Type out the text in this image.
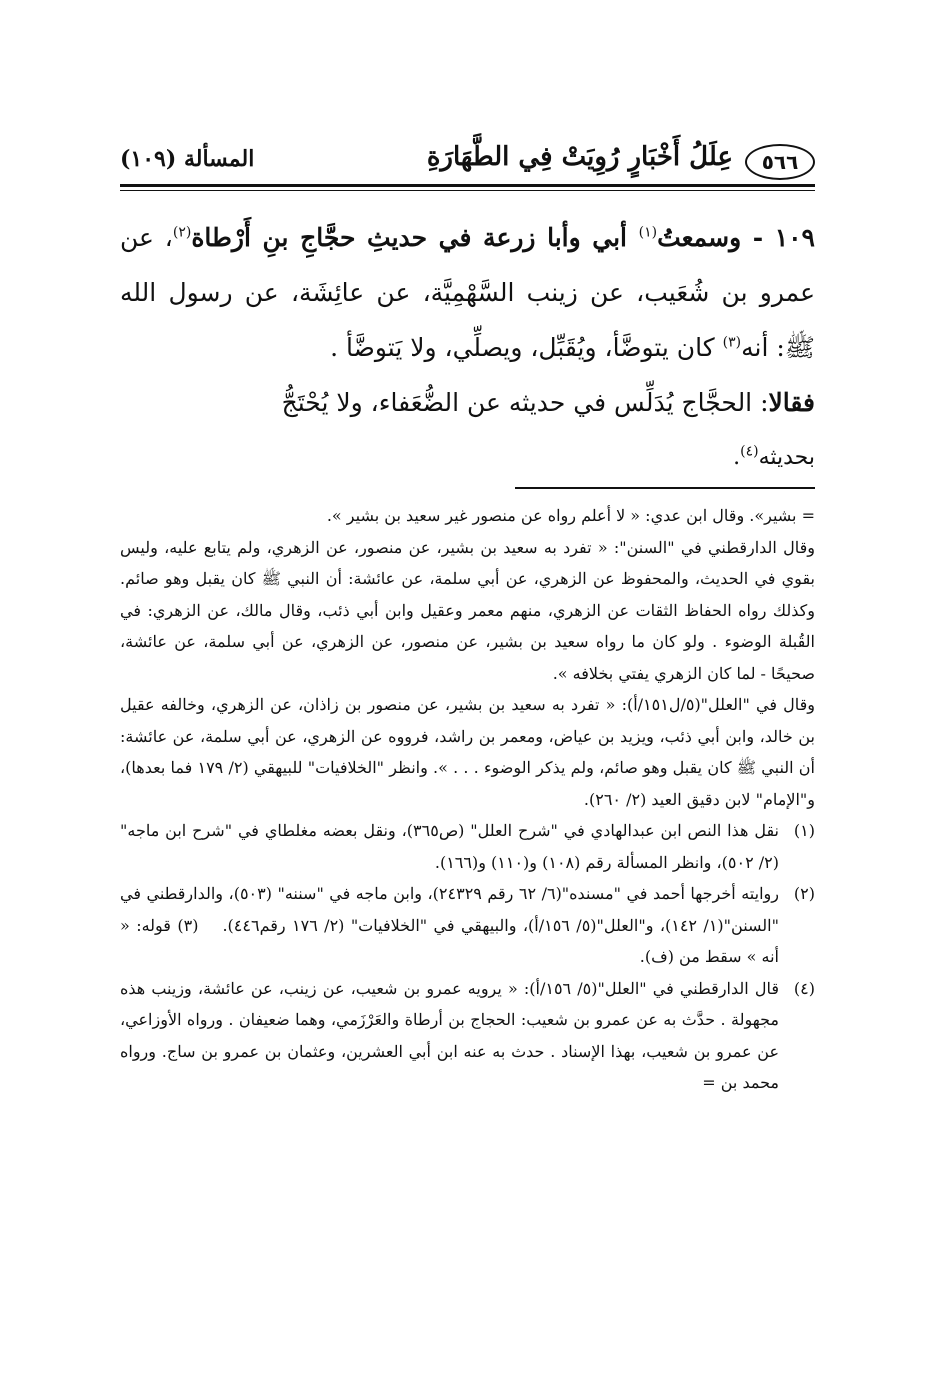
٥٦٦
عِلَلُ أَخْبَارٍ رُوِيَتْ فِي الطَّهَارَةِ
المسألة (١٠٩)

١٠٩ - وسمعتُ$^{(١)}$ أبي وأبا زرعة في حديثِ حجَّاجِ بنِ أَرْطاة$^{(٢)}$، عن عمرو بن شُعَيب، عن زينب السَّهْمِيَّة، عن عائِشَة، عن رسول الله ﷺ: أنه$^{(٣)}$ كان يتوضَّأ، ويُقَبِّل، ويصلِّي، ولا يَتوضَّأ .

فقالا: الحجَّاج يُدَلِّس في حديثه عن الضُّعَفاء، ولا يُحْتَجُّ

بحديثه$^{(٤)}$.

= بشير». وقال ابن عدي: « لا أعلم رواه عن منصور غير سعيد بن بشير ».

وقال الدارقطني في "السنن": « تفرد به سعيد بن بشير، عن منصور، عن الزهري، ولم يتابع عليه، وليس بقوي في الحديث، والمحفوظ عن الزهري، عن أبي سلمة، عن عائشة: أن النبي ﷺ كان يقبل وهو صائم. وكذلك رواه الحفاظ الثقات عن الزهري، منهم معمر وعقيل وابن أبي ذئب، وقال مالك، عن الزهري: في القُبلة الوضوء . ولو كان ما رواه سعيد بن بشير، عن منصور، عن الزهري، عن أبي سلمة، عن عائشة، صحيحًا - لما كان الزهري يفتي بخلافه ».

وقال في "العلل"(٥/ل١٥١/أ): « تفرد به سعيد بن بشير، عن منصور بن زاذان، عن الزهري، وخالفه عقيل بن خالد، وابن أبي ذئب، ويزيد بن عياض، ومعمر بن راشد، فرووه عن الزهري، عن أبي سلمة، عن عائشة: أن النبي ﷺ كان يقبل وهو صائم، ولم يذكر الوضوء . . . ». وانظر "الخلافيات" للبيهقي (٢/ ١٧٩ فما بعدها)، و"الإمام" لابن دقيق العيد (٢/ ٢٦٠).

(١)
نقل هذا النص ابن عبدالهادي في "شرح العلل" (ص٣٦٥)، ونقل بعضه مغلطاي في "شرح ابن ماجه" (٢/ ٥٠٢)، وانظر المسألة رقم (١٠٨) و(١١٠) و(١٦٦).
(٢)
روايته أخرجها أحمد في "مسنده"(٦/ ٦٢ رقم ٢٤٣٢٩)، وابن ماجه في "سننه" (٥٠٣)، والدارقطني في "السنن"(١/ ١٤٢)، و"العلل"(٥/ ١٥٦/أ)، والبيهقي في "الخلافيات" (٢/ ١٧٦ رقم٤٤٦).(٣) قوله: « أنه » سقط من (ف).
(٤)
قال الدارقطني في "العلل"(٥/ ١٥٦/أ): « يرويه عمرو بن شعيب، عن زينب، عن عائشة، وزينب هذه مجهولة . حدَّث به عن عمرو بن شعيب: الحجاج بن أرطاة والعَرْزَمي، وهما ضعيفان . ورواه الأوزاعي، عن عمرو بن شعيب، بهذا الإسناد . حدث به عنه ابن أبي العشرين، وعثمان بن عمرو بن ساج. ورواه محمد بن =
